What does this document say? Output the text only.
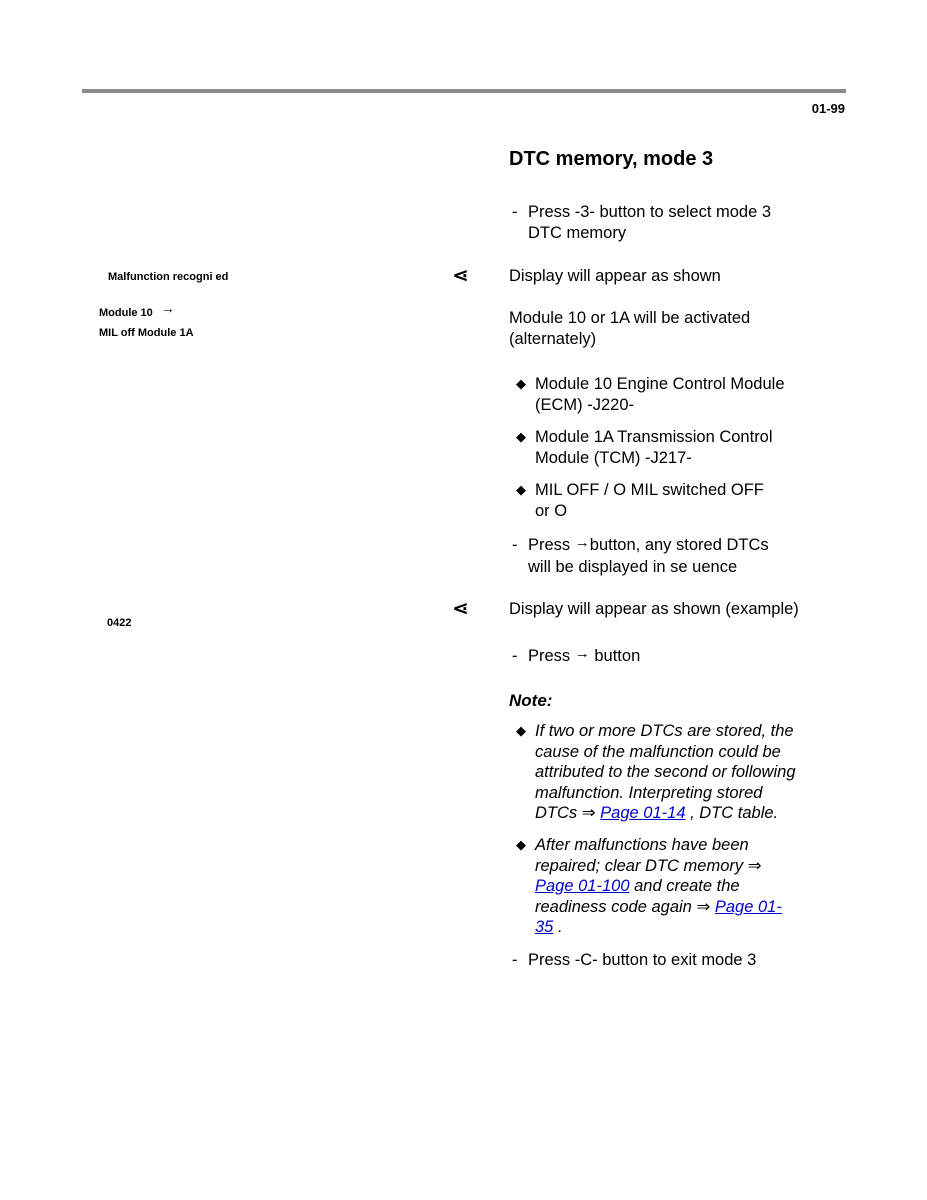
01-99
Malfunction recogni ed
Module 10 →
MIL off Module 1A
0422
⋖
⋖
DTC memory, mode 3
- Press -3- button to select mode 3
DTC memory
Display will appear as shown
Module 10 or 1A will be activated
(alternately)
◆ Module 10 Engine Control Module
(ECM) -J220-
◆ Module 1A Transmission Control
Module (TCM) -J217-
◆ MIL OFF / O MIL switched OFF
or O
- Press →button, any stored DTCs
will be displayed in se uence
Display will appear as shown (example)
- Press → button
Note:
◆ If two or more DTCs are stored, the
cause of the malfunction could be
attributed to the second or following
malfunction. Interpreting stored
DTCs ⇒ Page 01-14 , DTC table.
◆ After malfunctions have been
repaired; clear DTC memory ⇒
Page 01-100 and create the
readiness code again ⇒ Page 01-
35 .
- Press -C- button to exit mode 3
